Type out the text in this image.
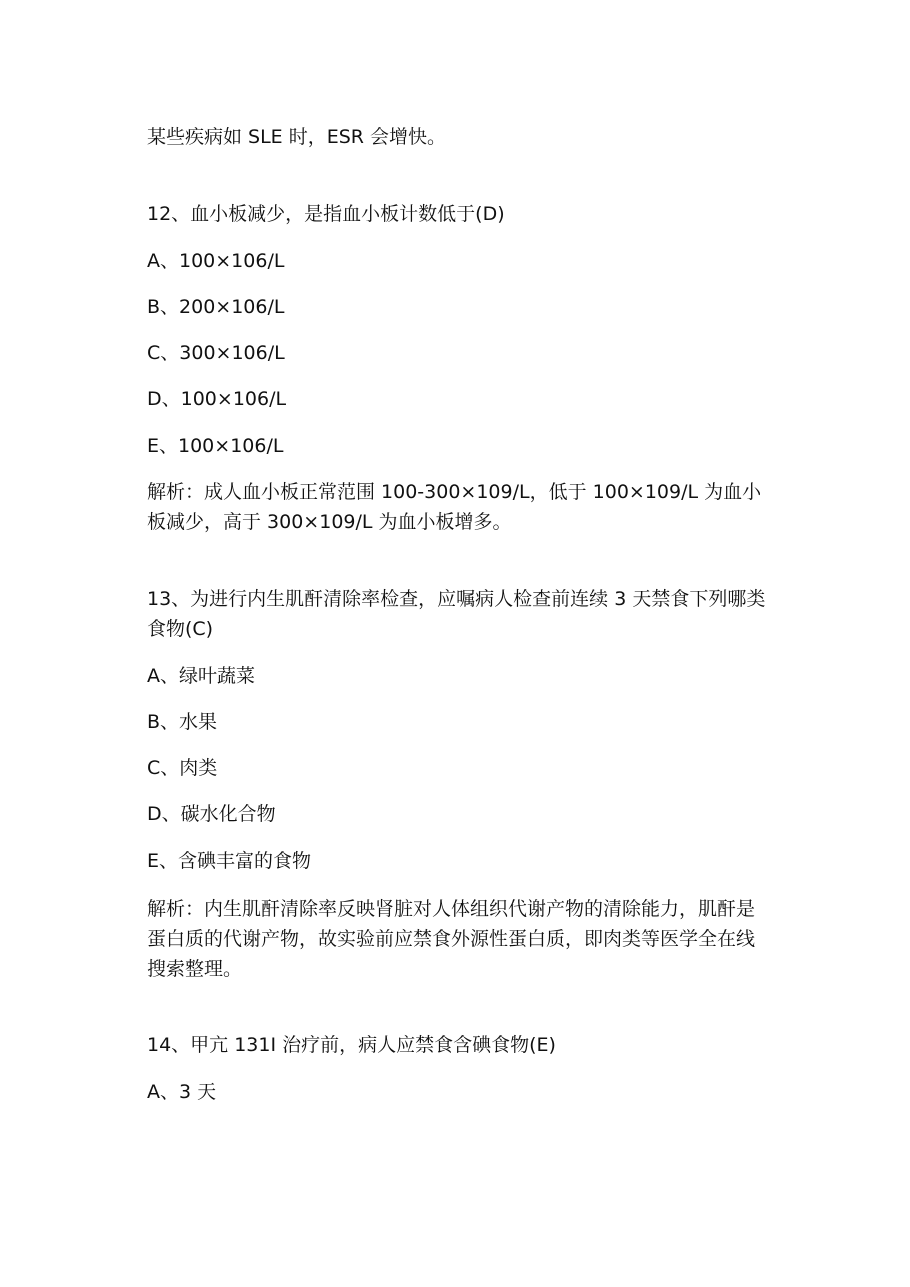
某些疾病如 SLE 时，ESR 会增快。
12、血小板减少，是指血小板计数低于(D)
A、100×106/L
B、200×106/L
C、300×106/L
D、100×106/L
E、100×106/L
解析：成人血小板正常范围 100-300×109/L，低于 100×109/L 为血小板减少，高于 300×109/L 为血小板增多。
13、为进行内生肌酐清除率检查，应嘱病人检查前连续 3 天禁食下列哪类食物(C)
A、绿叶蔬菜
B、水果
C、肉类
D、碳水化合物
E、含碘丰富的食物
解析：内生肌酐清除率反映肾脏对人体组织代谢产物的清除能力，肌酐是蛋白质的代谢产物，故实验前应禁食外源性蛋白质，即肉类等医学全在线搜索整理。
14、甲亢 131I 治疗前，病人应禁食含碘食物(E)
A、3 天
